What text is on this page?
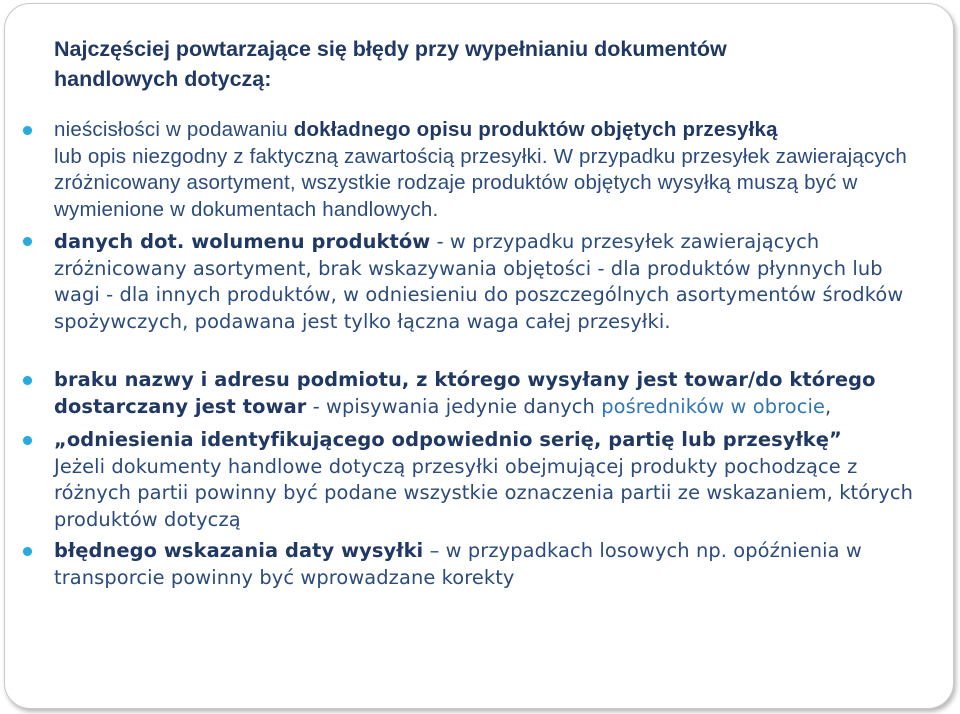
Najczęściej powtarzające się błędy przy wypełnianiu dokumentów
handlowych dotyczą:
nieścisłości w podawaniu dokładnego opisu produktów objętych przesyłką
lub opis niezgodny z faktyczną zawartością przesyłki. W przypadku przesyłek zawierających zróżnicowany asortyment, wszystkie rodzaje produktów objętych wysyłką muszą być w wymienione w dokumentach handlowych.
danych dot. wolumenu produktów - w przypadku przesyłek zawierających zróżnicowany asortyment, brak wskazywania objętości - dla produktów płynnych lub wagi - dla innych produktów, w odniesieniu do poszczególnych asortymentów środków spożywczych, podawana jest tylko łączna waga całej przesyłki.
braku nazwy i adresu podmiotu, z którego wysyłany jest towar/do którego dostarczany jest towar - wpisywania jedynie danych pośredników w obrocie,
„odniesienia identyfikującego odpowiednio serię, partię lub przesyłkę”
Jeżeli dokumenty handlowe dotyczą przesyłki obejmującej produkty pochodzące z różnych partii powinny być podane wszystkie oznaczenia partii ze wskazaniem, których produktów dotyczą
błędnego wskazania daty wysyłki – w przypadkach losowych np. opóźnienia w transporcie powinny być wprowadzane korekty
